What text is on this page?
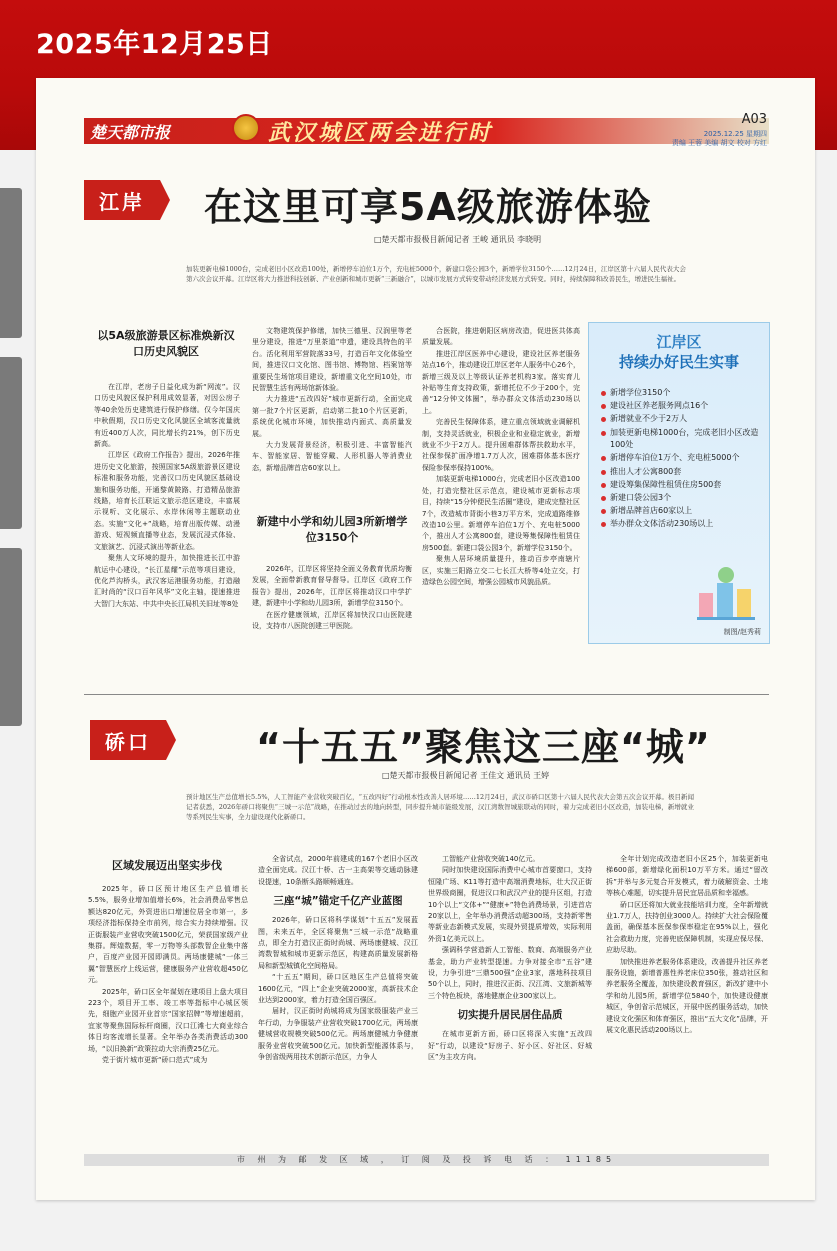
2025年12月25日
楚天都市报	武汉城区两会进行时
A03
2025.12.25 星期四
责编 王蓉 美编 胡文 校对 方红
江岸	在这里可享5A级旅游体验
□楚天都市报极目新闻记者 王峻 通讯员 李晓明
加装更新电梯1000台，完成老旧小区改造100处，新增停车泊位1万个，充电桩5000个，新建口袋公园3个，新增学位3150个……12月24日，江岸区第十六届人民代表大会第六次会议开幕。江岸区将大力推进科技创新、产业创新和城市更新“三新融合”，以城市发展方式转变带动经济发展方式转变。同时，持续保障和改善民生，增进民生福祉。
以5A级旅游景区标准焕新汉口历史风貌区

在江岸，老房子日益化成为新“网流”。汉口历史风貌区保护利用成效显著，对因公房子等40余处历史建筑进行保护修缮。仅今年国庆中秋假期，汉口历史文化风貌区全域客流量就有近400万人次，同比增长约21%，创下历史新高。

江岸区《政府工作报告》提出，2026年推进历史文化旅游，按照国家5A级旅游景区建设标准和服务功能，完善汉口历史风貌区基础设施和服务功能，开通黎黄陂路、打造精品旅游线路，培育长江联运文旅示范区建设，丰富展示视听、文化展示、水岸休闲等主题联动业态。实施“文化+”战略，培育出版传媒、动漫游戏、短视频直播等业态，发展沉浸式体验、文旅演艺、沉浸式演出等新业态。

聚焦人文环境的提升，加快推进长江中游航运中心建设，“长江星耀”示范等项目建设，优化芦沟桥头，武汉客运港服务功能，打造融汇时尚的“汉口百年风华”文化主轴，提速推进大智门大东站、中共中央长江局机关旧址等8处

文物建筑保护修缮，加快三德里、汉润里等老里分建设，推进“万里茶道”申遗，建设具特色的平台。活化利用军营院落33号，打造百年文化体验空间，推进汉口文化馆、图书馆、博物馆、档案馆等重要民生场馆项目建设，新增重文化空间10处，市民智慧生活有两场馆新体验。

大力推进“五改四好”城市更新行动，全面完成第一批7个片区更新，启动第二批10个片区更新，系统优化城市环境，加快推动内面式、高质量发展。

大力发展背景经济，积极引进、丰富智能汽车、智能家居、智能穿戴、人形机器人等消费业态，新增品牌首店60家以上。

新建中小学和幼儿园3所新增学位3150个

2026年，江岸区将坚持全面义务教育优质均衡发展，全面带新教育督导督导。江岸区《政府工作报告》提出，2026年，江岸区将推动汉口中学扩建，新建中小学和幼儿园3所，新增学位3150个。

在医疗健康领域，江岸区将加快汉口山医院建设，支持市八医院创建三甲医院。

合医院，推进朝阳区病房改造，促进医共体高质量发展。

推进江岸区医养中心建设，建设社区养老服务站点16个，推动建设江岸区老年人服务中心26个，新增三级及以上等级认证养老机构3家。落实育儿补贴等生育支持政策，新增托位不少于200个，完善“12分钟文体圈”，举办群众文体活动230场以上。

完善民生保障体系，建立重点领域就业调解机制，支持灵活就业，积极企业和业稳定就业，新增就业不少于2万人。提升困难群体帮扶救助水平，社保参保扩面净增1.7万人次，困难群体基本医疗保险参保率保持100%。

加装更新电梯1000台，完成老旧小区改造100处，打造完整社区示范点，建设城市更新标志项目，持续“15分钟便民生活圈”建设，建成完整社区7个，改造城市背街小巷3万平方米，完成道路维修改造10公里。新增停车泊位1万个、充电桩5000个，推出人才公寓800套，建设筹集保障性租赁住房500套。新建口袋公园3个，新增学位3150个。

聚焦人居环境质量提升，推动百步亭南辖片区，实施三阳路立交二七长江大桥等4处立交，打造绿色公园空间，增强公园城市风貌品质。

江岸区
持续办好民生实事
新增学位3150个
建设社区养老服务网点16个
新增就业不少于2万人
加装更新电梯1000台，完成老旧小区改造100处
新增停车泊位1万个、充电桩5000个
推出人才公寓800套
建设筹集保障性租赁住房500套
新建口袋公园3个
新增品牌首店60家以上
举办群众文体活动230场以上
制图/赵秀莉
硚口	“十五五”聚焦这三座“城”
□楚天都市报极目新闻记者 王佳文 通讯员 王婷
预计地区生产总值增长5.5%，人工智能产业营收突破百亿，“五改四好”行动根本性改善人居环境……12月24日，武汉市硚口区第十六届人民代表大会第五次会议开幕。极目新闻记者获悉，2026年硚口将聚焦“三城一示范”战略，在推动过去的地向转型，同步提升城市能级发展，汉江湾数智城旅联动的同时，着力完成老旧小区改造，加装电梯，新增就业等系列民生实事，全力建设现代化新硚口。
区域发展迈出坚实步伐

2025年，硚口区预计地区生产总值增长5.5%，服务业增加值增长6%，社会消费品零售总额达820亿元，外资进出口增速位居全市第一，多项经济指标保持全市前列，综合实力持续增强。汉正街服装产业营收突破1500亿元，荣获国家级产业集群。辉煌数据，零一万物等头部数智企业集中落户，百度产业园开园即满员。两场康健城“一体三翼”智慧医疗上线运营，健康服务产业营收超450亿元。

2025年，硚口区全年谋划在建项目上盘大项目223个，项目开工率、竣工率等指标中心城区领先，细胞产业园开业首宗“国家招牌”等增速超前，宜家等聚焦国际标杆商圈，汉口江滩七大商业综合体日均客流增长显著。全年举办各类消费活动300场，“以旧换新”政策拉动大宗消费25亿元。

党于街片城市更新“硚口范式”成为

全省试点，2000年前建成的167个老旧小区改造全面完成。汉江十桥、古一主高架等交通动脉建设提速，10条断头路顺畅通连。

三座“城”锚定千亿产业蓝图

2026年，硚口区将科学谋划“十五五”发展蓝图，未来五年，全区将聚焦“三城一示范”战略重点，即全力打造汉正街时尚城、两场康健城、汉江湾数智城和城市更新示范区，构建高质量发展新格局和新型城镇化空间格局。

“十五五”期间，硚口区地区生产总值将突破1600亿元，“四上”企业突破2000家，高新技术企业达到2000家，着力打造全国百强区。

届时，汉正街时尚城将成为国家级服装产业三年行动，力争服装产业营收突破1700亿元，两场康健城营收规模突破500亿元。两场康健城力争健康服务业营收突破500亿元。加快新型能源体系与，争创省级两用技术创新示范区，力争人

工智能产业营收突破140亿元。

同时加快建设国际消费中心城市首要窗口，支持恒隆广场、K11等打造中高端消费地标，壮大汉正街世界级商圈，促进汉口和武汉产业的提升区组，打造10个以上“文体+”“健康+”特色消费场景，引进首店20家以上，全年举办消费活动超300场，支持新零售等新业态新模式发展，实现外贸提质增效，实际利用外资1亿美元以上。

强调科学营造新人工智能、数商、高端服务产业基金，助力产业转型提速。力争对接全市“五谷”建设，力争引进“三鼎500强”企业3家，落地科技项目50个以上，同时，推进汉正街、汉江湾、文旅新城等三个特色板块，落地健康企业300家以上。

切实提升居民居住品质

在城市更新方面，硚口区将深入实施“五改四好”行动，以建设“好房子、好小区、好社区、好城区”为主攻方向。

全年计划完成改造老旧小区25个，加装更新电梯600部，新增绿化面积10万平方米。通过“留改拆”并举与多元复合开发模式，着力破解资金、土地等核心难题，切实提升居民宜居品质和幸福感。

硚口区还将加大就业技能培训力度，全年新增就业1.7万人，扶持创业3000人。持续扩大社会保险覆盖面，确保基本医保参保率稳定在95%以上，强化社会救助力度，完善兜底保障机制，实现应保尽保、应助尽助。

加快推进养老服务体系建设，改善提升社区养老服务设施，新增普惠性养老床位350张，推动社区和养老服务全覆盖，加快建设教育强区，新改扩建中小学和幼儿园5所，新增学位5840个，加快建设健康城区，争创省示范城区，开展中医药服务活动，加快建设文化强区和体育强区，推出“五大文化”品牌，开展文化惠民活动200场以上。

市 州 为 邮 发 区 域 ， 订 阅 及 投 诉 电 话 ： 11185
